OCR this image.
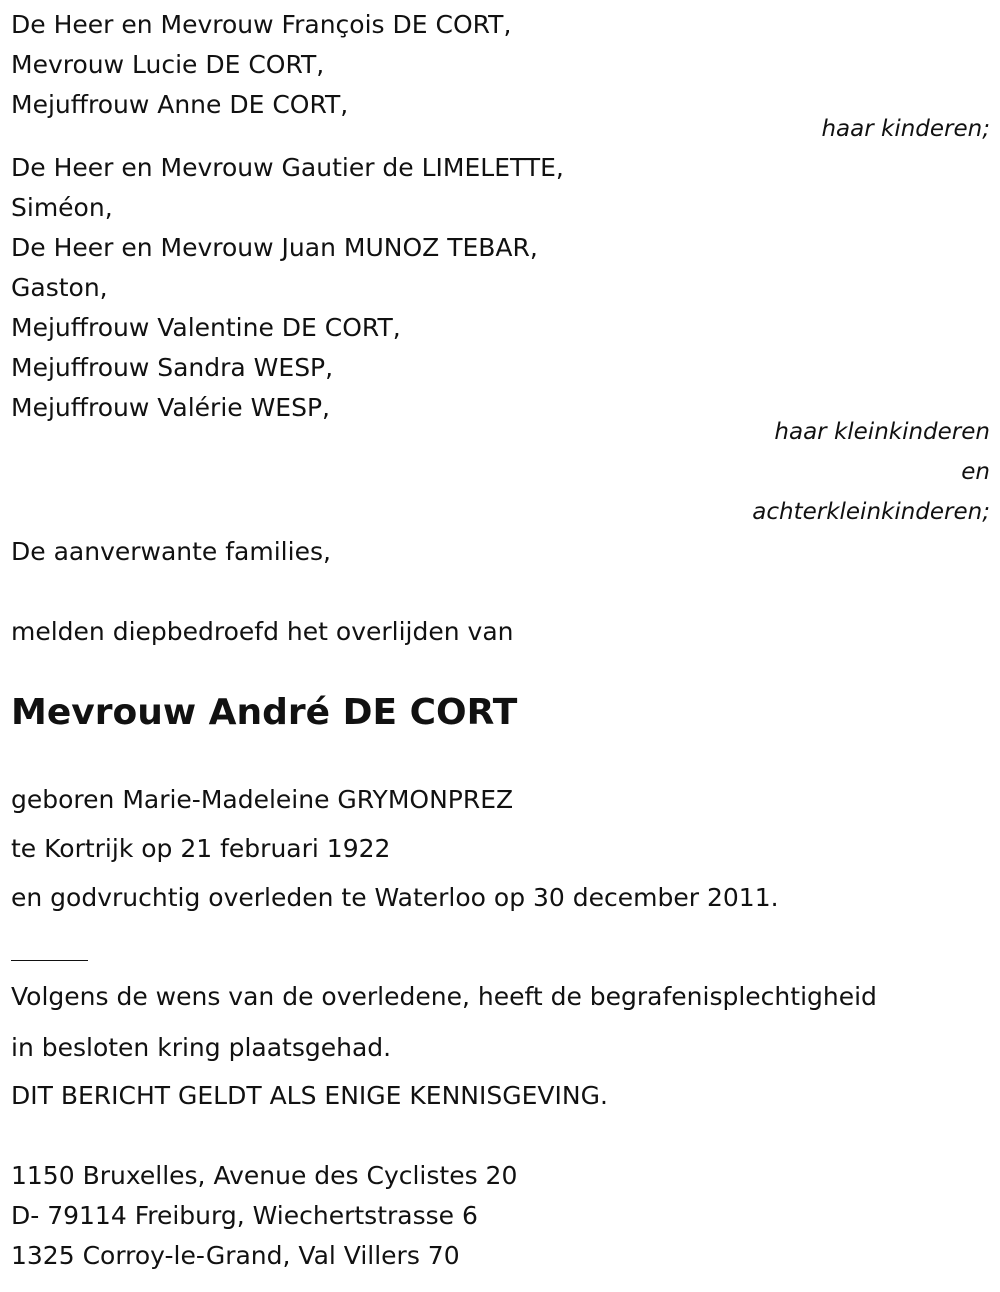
De Heer en Mevrouw François DE CORT,

Mevrouw Lucie DE CORT,

Mejuffrouw Anne DE CORT,

haar kinderen;

De Heer en Mevrouw Gautier de LIMELETTE,

Siméon,

De Heer en Mevrouw Juan MUNOZ TEBAR,

Gaston,

Mejuffrouw Valentine DE CORT,

Mejuffrouw Sandra WESP,

Mejuffrouw Valérie WESP,

haar kleinkinderen

en

achterkleinkinderen;

De aanverwante families,

melden diepbedroefd het overlijden van

Mevrouw André DE CORT

geboren Marie-Madeleine GRYMONPREZ

te Kortrijk op 21 februari 1922

en godvruchtig overleden te Waterloo op 30 december 2011.

Volgens de wens van de overledene, heeft de begrafenisplechtigheid

in besloten kring plaatsgehad.

DIT BERICHT GELDT ALS ENIGE KENNISGEVING.

1150 Bruxelles, Avenue des Cyclistes 20

D- 79114 Freiburg, Wiechertstrasse 6

1325 Corroy-le-Grand, Val Villers 70
